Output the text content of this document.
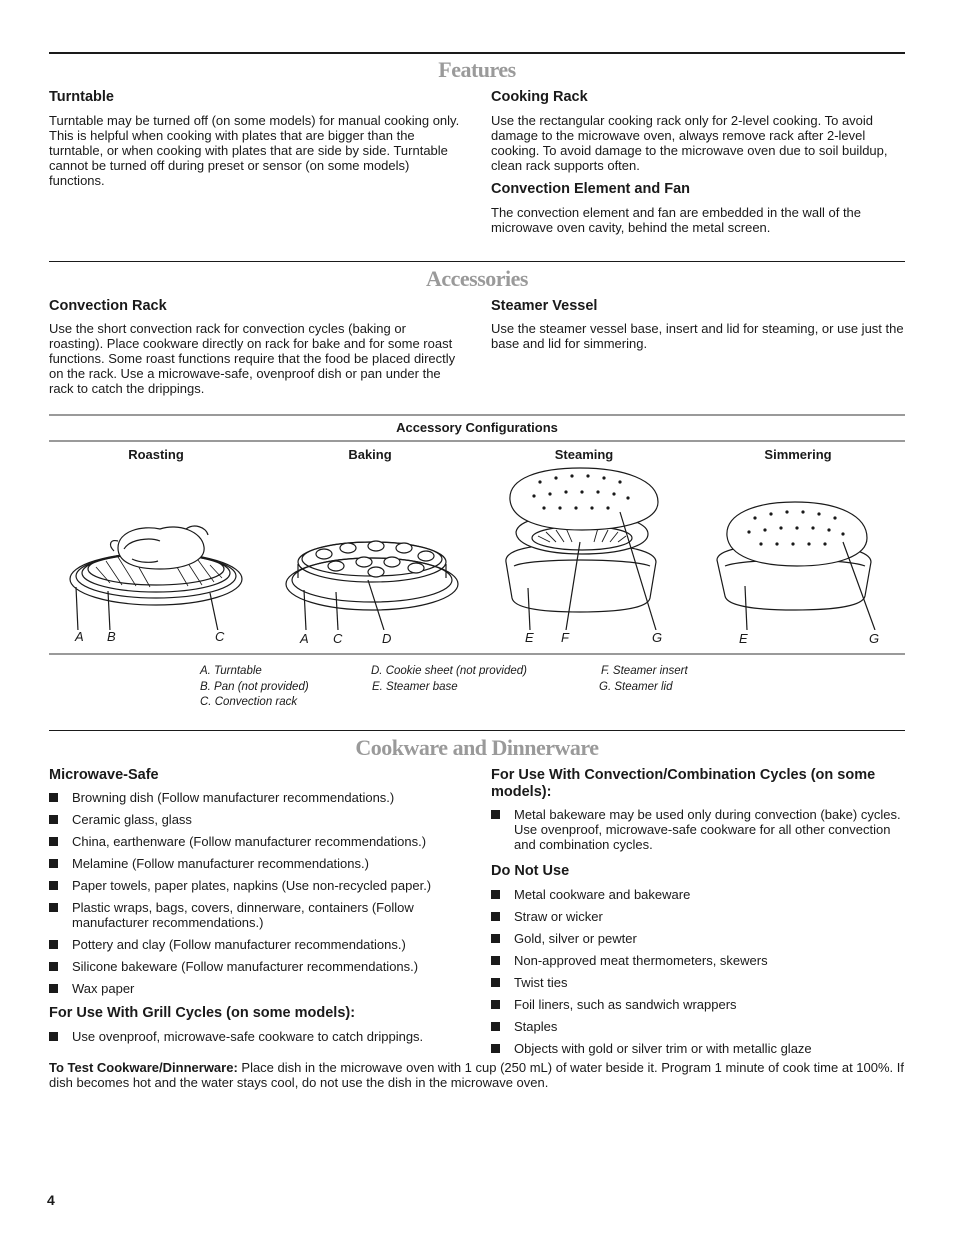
Features
Turntable
Turntable may be turned off (on some models) for manual cooking only. This is helpful when cooking with plates that are bigger than the turntable, or when cooking with plates that are side by side. Turntable cannot be turned off during preset or sensor (on some models) functions.
Cooking Rack
Use the rectangular cooking rack only for 2-level cooking. To avoid damage to the microwave oven, always remove rack after 2-level cooking. To avoid damage to the microwave oven due to soil buildup, clean rack supports often.
Convection Element and Fan
The convection element and fan are embedded in the wall of the microwave oven cavity, behind the metal screen.
Accessories
Convection Rack
Use the short convection rack for convection cycles (baking or roasting). Place cookware directly on rack for bake and for some roast functions. Some roast functions require that the food be placed directly on the rack. Use a microwave-safe, ovenproof dish or pan under the rack to catch the drippings.
Steamer Vessel
Use the steamer vessel base, insert and lid for steaming, or use just the base and lid for simmering.
Accessory Configurations
Roasting	Baking	Steaming	Simmering
A B	C	A C	D	E F	G	E	G
A. Turntable
B. Pan (not provided)
C. Convection rack
D. Cookie sheet (not provided)
E. Steamer base
F. Steamer insert
G. Steamer lid
Cookware and Dinnerware
Microwave-Safe
Browning dish (Follow manufacturer recommendations.)
Ceramic glass, glass
China, earthenware (Follow manufacturer recommendations.)
Melamine (Follow manufacturer recommendations.)
Paper towels, paper plates, napkins (Use non-recycled paper.)
Plastic wraps, bags, covers, dinnerware, containers (Follow manufacturer recommendations.)
Pottery and clay (Follow manufacturer recommendations.)
Silicone bakeware (Follow manufacturer recommendations.)
Wax paper
For Use With Grill Cycles (on some models):
Use ovenproof, microwave-safe cookware to catch drippings.
For Use With Convection/Combination Cycles (on some models):
Metal bakeware may be used only during convection (bake) cycles. Use ovenproof, microwave-safe cookware for all other convection and combination cycles.
Do Not Use
Metal cookware and bakeware
Straw or wicker
Gold, silver or pewter
Non-approved meat thermometers, skewers
Twist ties
Foil liners, such as sandwich wrappers
Staples
Objects with gold or silver trim or with metallic glaze
To Test Cookware/Dinnerware: Place dish in the microwave oven with 1 cup (250 mL) of water beside it. Program 1 minute of cook time at 100%. If dish becomes hot and the water stays cool, do not use the dish in the microwave oven.
4
